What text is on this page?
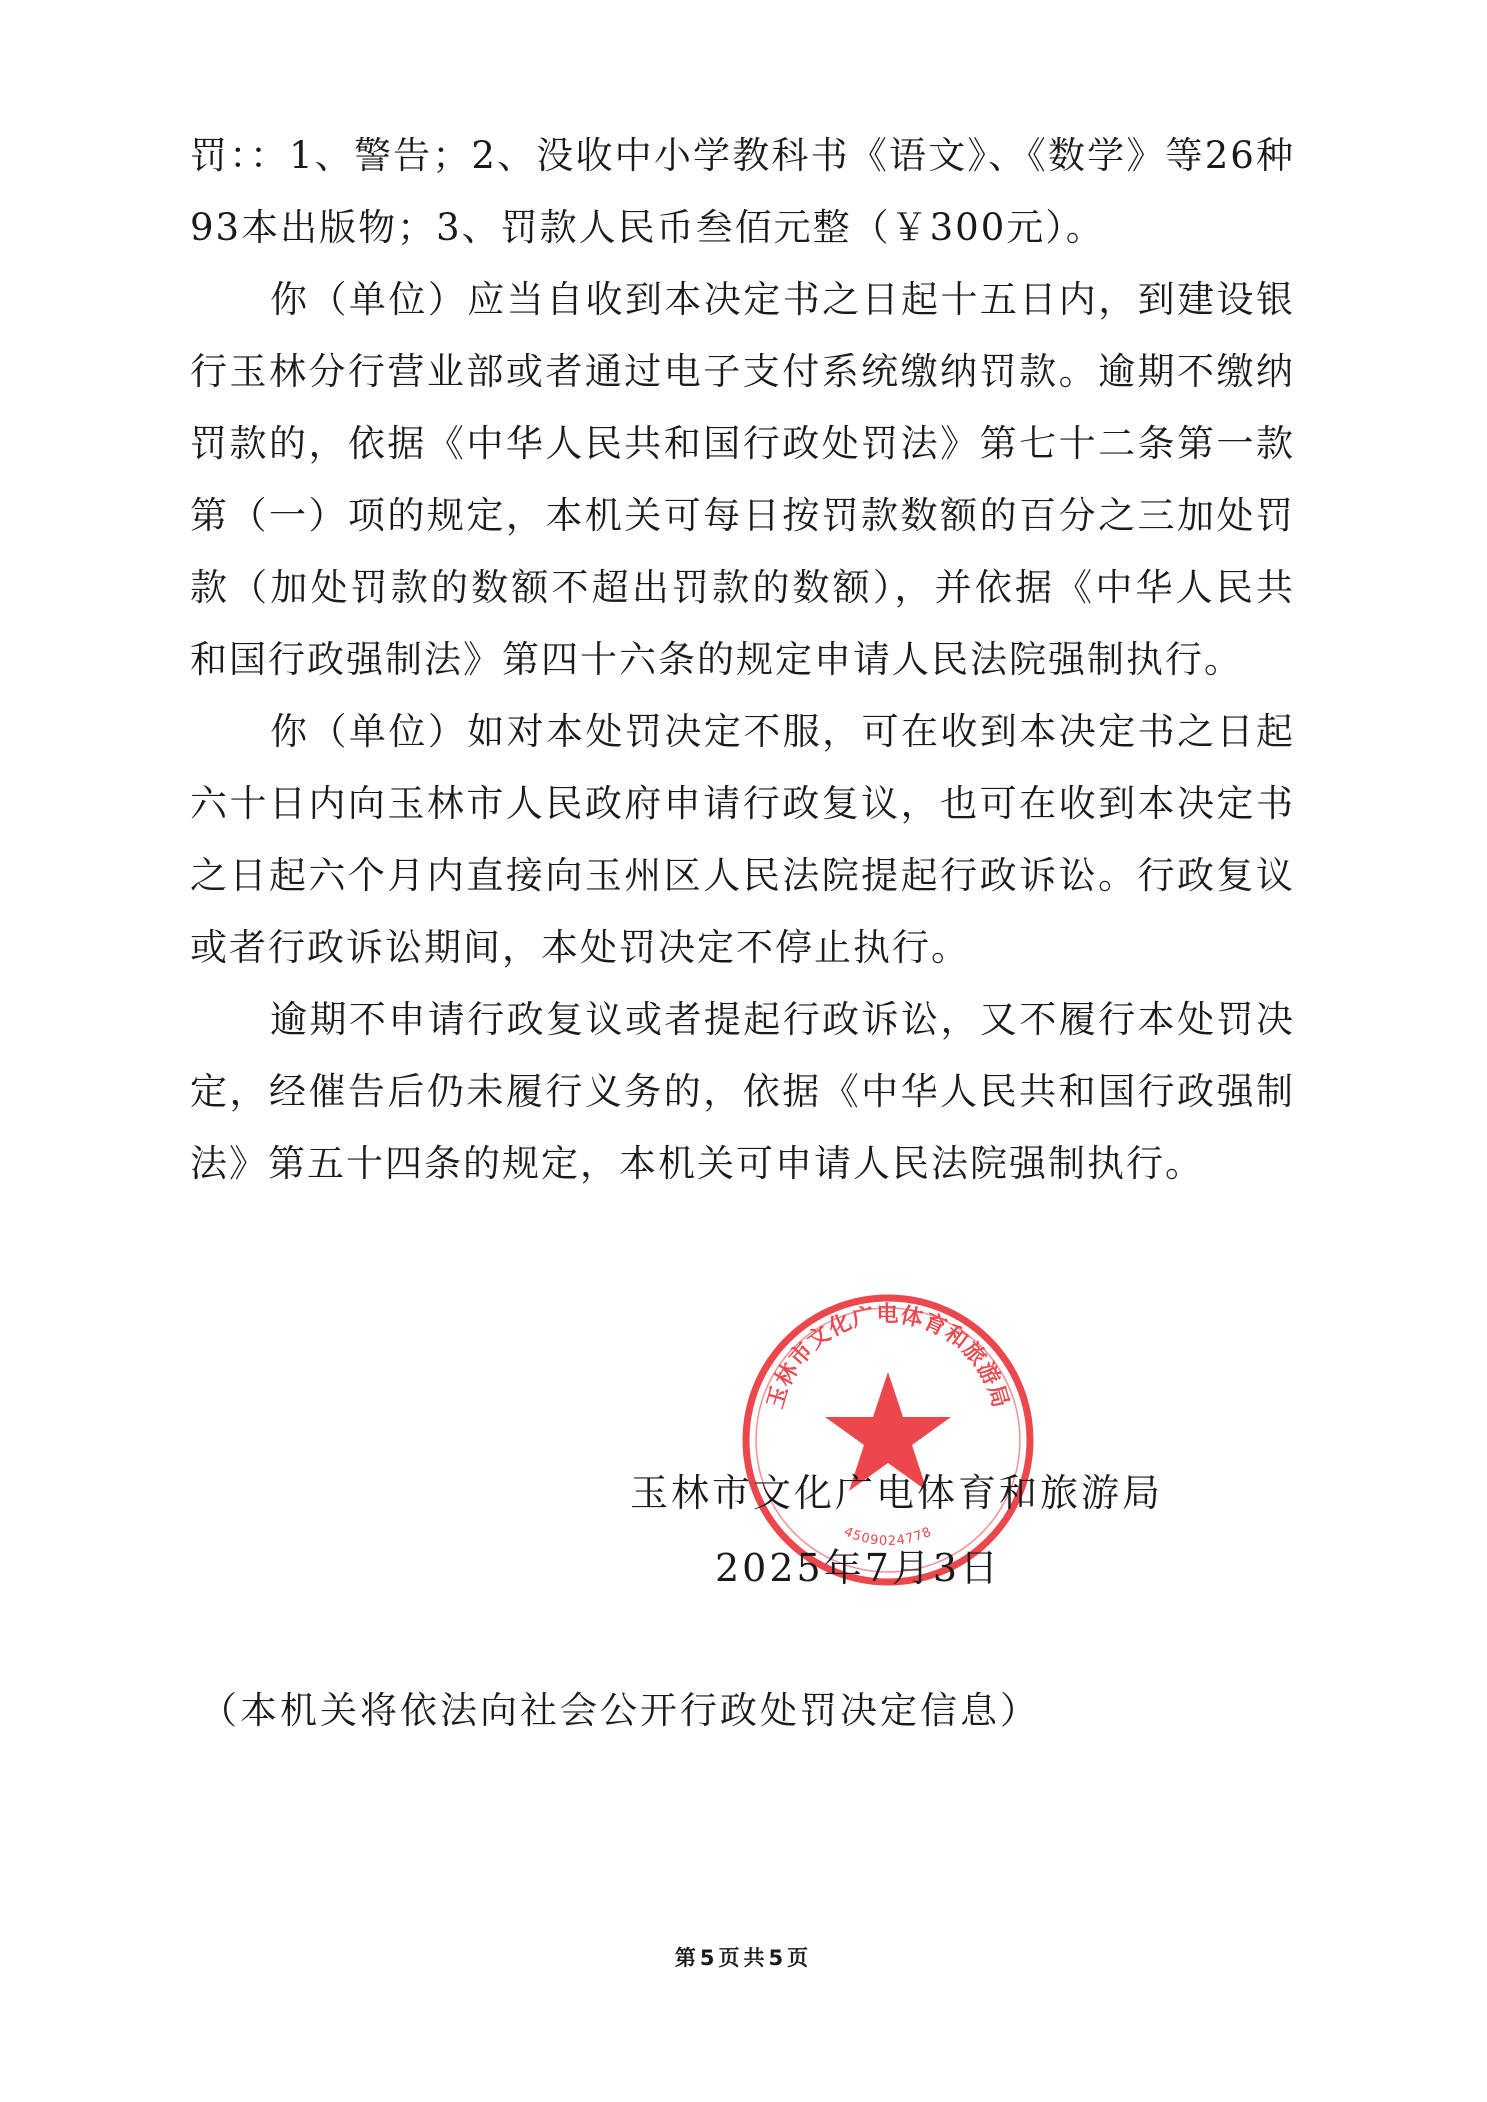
罚：：1、警告；2、没收中小学教科书《语文》、《数学》等26种93本出版物；3、罚款人民币叁佰元整（￥300元）。

你（单位）应当自收到本决定书之日起十五日内，到建设银行玉林分行营业部或者通过电子支付系统缴纳罚款。逾期不缴纳罚款的，依据《中华人民共和国行政处罚法》第七十二条第一款第（一）项的规定，本机关可每日按罚款数额的百分之三加处罚款（加处罚款的数额不超出罚款的数额），并依据《中华人民共和国行政强制法》第四十六条的规定申请人民法院强制执行。

你（单位）如对本处罚决定不服，可在收到本决定书之日起六十日内向玉林市人民政府申请行政复议，也可在收到本决定书之日起六个月内直接向玉州区人民法院提起行政诉讼。行政复议或者行政诉讼期间，本处罚决定不停止执行。

逾期不申请行政复议或者提起行政诉讼，又不履行本处罚决定，经催告后仍未履行义务的，依据《中华人民共和国行政强制法》第五十四条的规定，本机关可申请人民法院强制执行。

玉林市文化广电体育和旅游局
4509024778
玉林市文化广电体育和旅游局
2025年7月3日
（本机关将依法向社会公开行政处罚决定信息）
第5页共5页
